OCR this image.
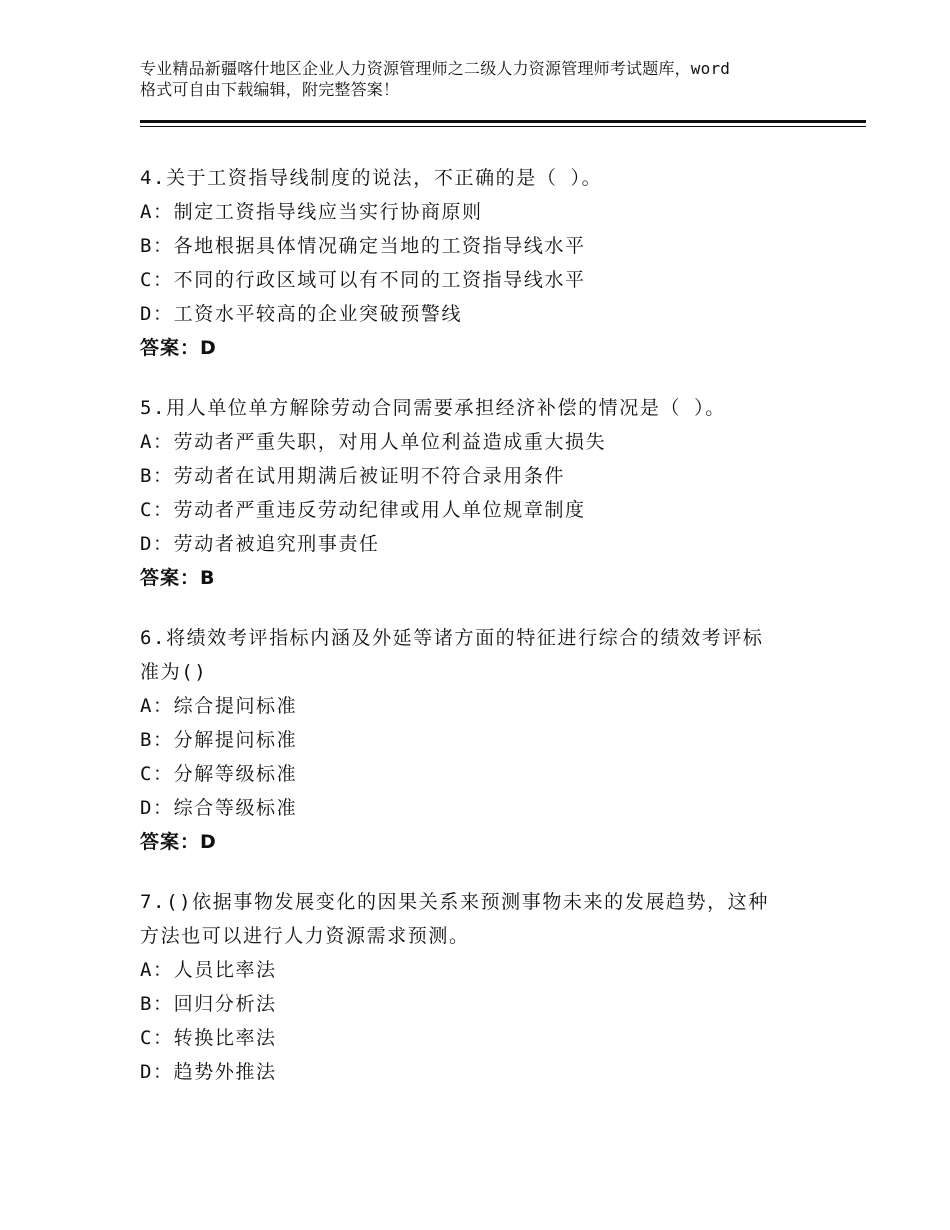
专业精品新疆喀什地区企业人力资源管理师之二级人力资源管理师考试题库，word
格式可自由下载编辑，附完整答案！
4.关于工资指导线制度的说法，不正确的是（ ）。
A：制定工资指导线应当实行协商原则
B：各地根据具体情况确定当地的工资指导线水平
C：不同的行政区域可以有不同的工资指导线水平
D：工资水平较高的企业突破预警线
答案：D
5.用人单位单方解除劳动合同需要承担经济补偿的情况是（ ）。
A：劳动者严重失职，对用人单位利益造成重大损失
B：劳动者在试用期满后被证明不符合录用条件
C：劳动者严重违反劳动纪律或用人单位规章制度
D：劳动者被追究刑事责任
答案：B
6.将绩效考评指标内涵及外延等诸方面的特征进行综合的绩效考评标
准为()
A：综合提问标准
B：分解提问标准
C：分解等级标准
D：综合等级标准
答案：D
7.()依据事物发展变化的因果关系来预测事物未来的发展趋势，这种
方法也可以进行人力资源需求预测。
A：人员比率法
B：回归分析法
C：转换比率法
D：趋势外推法
